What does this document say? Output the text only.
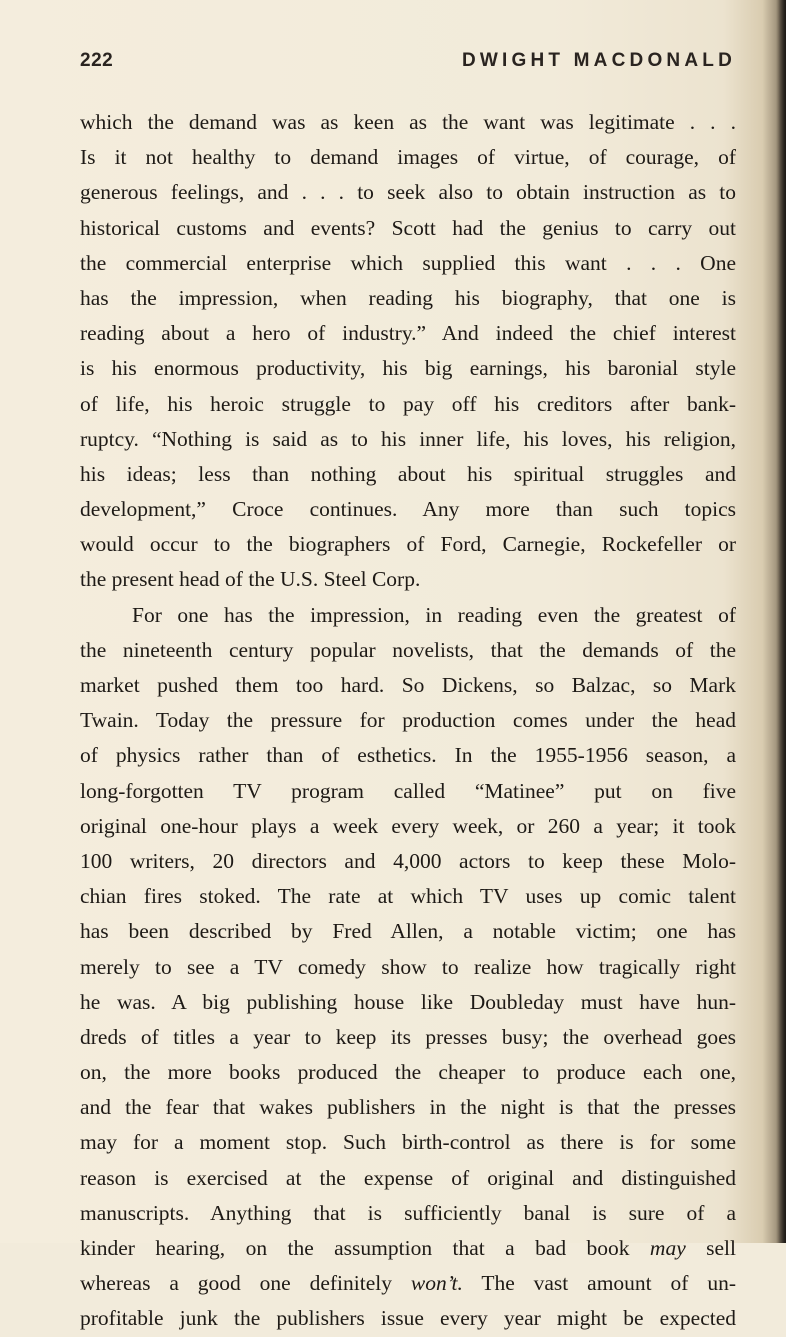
222	DWIGHT MACDONALD
which the demand was as keen as the want was legitimate . . .
Is it not healthy to demand images of virtue, of courage, of
generous feelings, and . . . to seek also to obtain instruction as to
historical customs and events? Scott had the genius to carry out
the commercial enterprise which supplied this want . . . One
has the impression, when reading his biography, that one is
reading about a hero of industry.” And indeed the chief interest
is his enormous productivity, his big earnings, his baronial style
of life, his heroic struggle to pay off his creditors after bank-
ruptcy. “Nothing is said as to his inner life, his loves, his religion,
his ideas; less than nothing about his spiritual struggles and
development,” Croce continues. Any more than such topics
would occur to the biographers of Ford, Carnegie, Rockefeller or
the present head of the U.S. Steel Corp.
For one has the impression, in reading even the greatest of
the nineteenth century popular novelists, that the demands of the
market pushed them too hard. So Dickens, so Balzac, so Mark
Twain. Today the pressure for production comes under the head
of physics rather than of esthetics. In the 1955-1956 season, a
long-forgotten TV program called “Matinee” put on five
original one-hour plays a week every week, or 260 a year; it took
100 writers, 20 directors and 4,000 actors to keep these Molo-
chian fires stoked. The rate at which TV uses up comic talent
has been described by Fred Allen, a notable victim; one has
merely to see a TV comedy show to realize how tragically right
he was. A big publishing house like Doubleday must have hun-
dreds of titles a year to keep its presses busy; the overhead goes
on, the more books produced the cheaper to produce each one,
and the fear that wakes publishers in the night is that the presses
may for a moment stop. Such birth-control as there is for some
reason is exercised at the expense of original and distinguished
manuscripts. Anything that is sufficiently banal is sure of a
kinder hearing, on the assumption that a bad book may sell
whereas a good one definitely won’t. The vast amount of un-
profitable junk the publishers issue every year might be expected
